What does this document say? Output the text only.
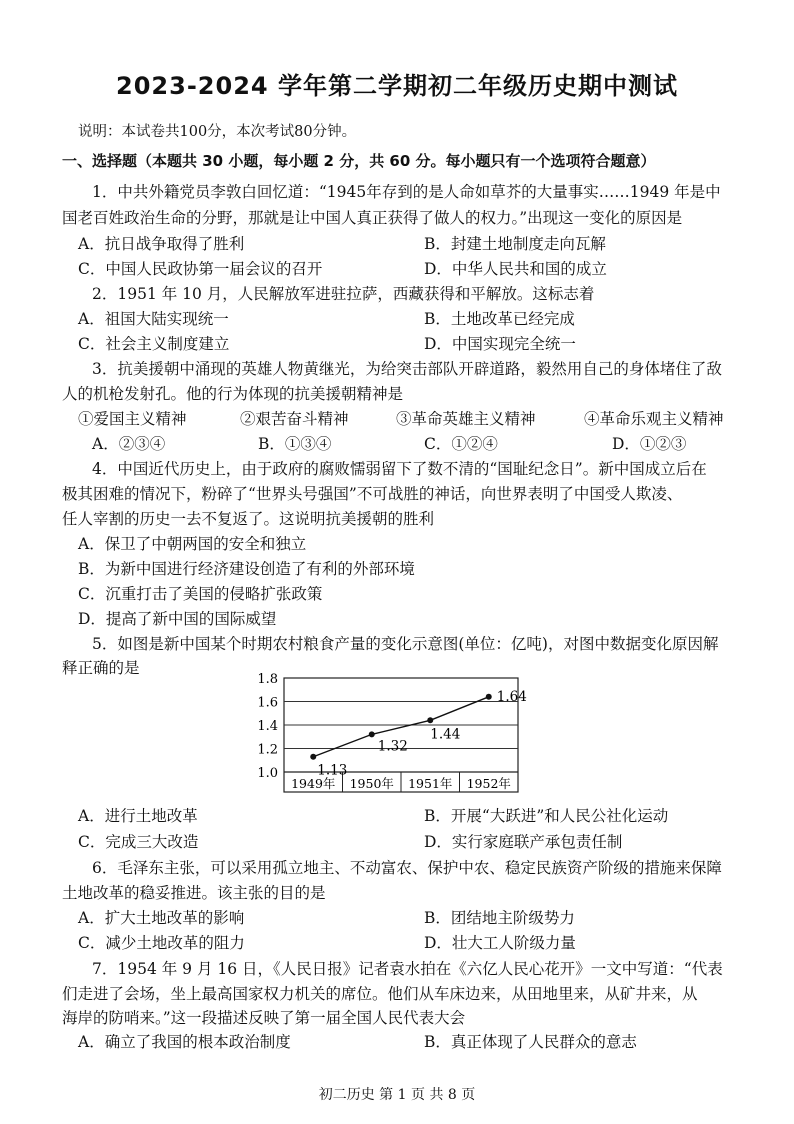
2023-2024 学年第二学期初二年级历史期中测试
说明：本试卷共100分，本次考试80分钟。
一、选择题（本题共 30 小题，每小题 2 分，共 60 分。每小题只有一个选项符合题意）
1．中共外籍党员李敦白回忆道：“1945年存到的是人命如草芥的大量事实……1949 年是中
国老百姓政治生命的分野，那就是让中国人真正获得了做人的权力。”出现这一变化的原因是
A．抗日战争取得了胜利	B．封建土地制度走向瓦解
C．中国人民政协第一届会议的召开	D．中华人民共和国的成立
2．1951 年 10 月，人民解放军进驻拉萨，西藏获得和平解放。这标志着
A．祖国大陆实现统一	B．土地改革已经完成
C．社会主义制度建立	D．中国实现完全统一
3．抗美援朝中涌现的英雄人物黄继光，为给突击部队开辟道路，毅然用自己的身体堵住了敌
人的机枪发射孔。他的行为体现的抗美援朝精神是
①爱国主义精神	②艰苦奋斗精神	③革命英雄主义精神	④革命乐观主义精神
A．②③④	B．①③④	C．①②④	D．①②③
4．中国近代历史上，由于政府的腐败懦弱留下了数不清的“国耻纪念日”。新中国成立后在
极其困难的情况下，粉碎了“世界头号强国”不可战胜的神话，向世界表明了中国受人欺凌、
任人宰割的历史一去不复返了。这说明抗美援朝的胜利
A．保卫了中朝两国的安全和独立
B．为新中国进行经济建设创造了有利的外部环境
C．沉重打击了美国的侵略扩张政策
D．提高了新中国的国际威望
5．如图是新中国某个时期农村粮食产量的变化示意图(单位：亿吨)，对图中数据变化原因解
释正确的是
1.8
1.6
1.4
1.2
1.0
1949年 1950年 1951年 1952年
1.13
1.32
1.44
1.64
A．进行土地改革	B．开展“大跃进”和人民公社化运动
C．完成三大改造	D．实行家庭联产承包责任制
6．毛泽东主张，可以采用孤立地主、不动富农、保护中农、稳定民族资产阶级的措施来保障
土地改革的稳妥推进。该主张的目的是
A．扩大土地改革的影响	B．团结地主阶级势力
C．减少土地改革的阻力	D．壮大工人阶级力量
7．1954 年 9 月 16 日，《人民日报》记者袁水拍在《六亿人民心花开》一文中写道：“代表
们走进了会场，坐上最高国家权力机关的席位。他们从车床边来，从田地里来，从矿井来，从
海岸的防哨来。”这一段描述反映了第一届全国人民代表大会
A．确立了我国的根本政治制度	B．真正体现了人民群众的意志
初二历史 第 1 页 共 8 页
